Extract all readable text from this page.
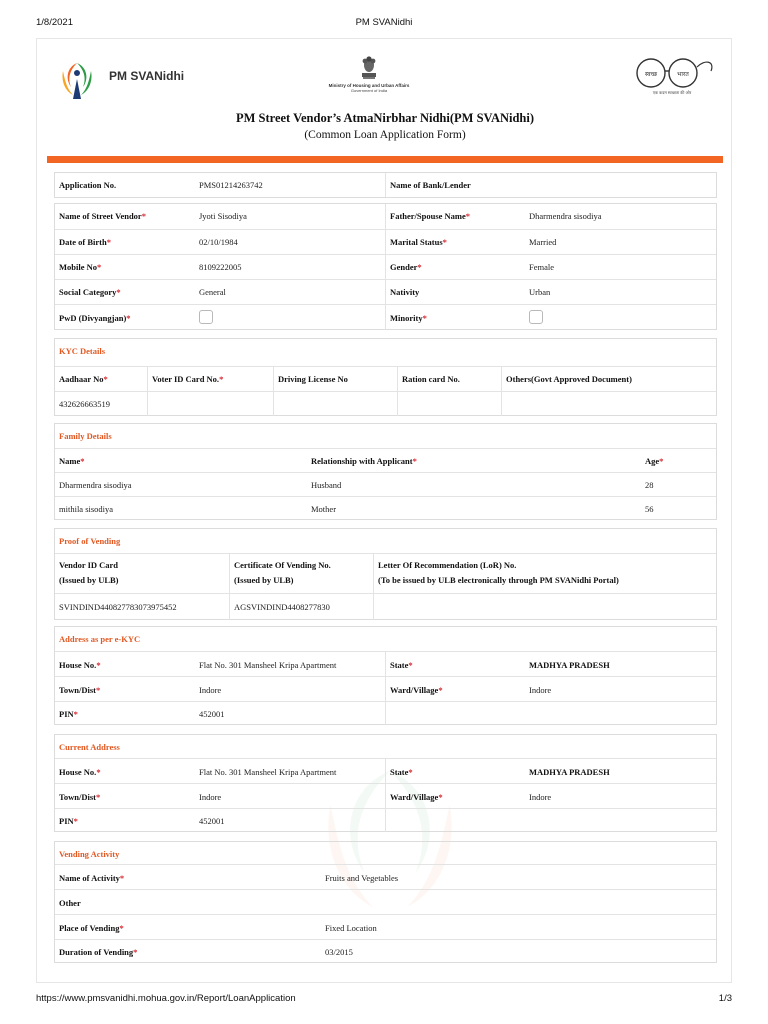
1/8/2021	PM SVANidhi
PM SVANidhi
Ministry of Housing and Urban Affairs
Government of India
स्वच्छ	भारत
एक कदम स्वच्छता की ओर
PM Street Vendor’s AtmaNirbhar Nidhi(PM SVANidhi)
(Common Loan Application Form)
Application No.	PMS01214263742	Name of Bank/Lender
Name of Street Vendor*	Jyoti Sisodiya	Father/Spouse Name*	Dharmendra sisodiya
Date of Birth*	02/10/1984	Marital Status*	Married
Mobile No*	8109222005	Gender*	Female
Social Category*	General	Nativity	Urban
PwD (Divyangjan)*	Minority*
KYC Details
Aadhaar No*	Voter ID Card No.*	Driving License No	Ration card No.	Others(Govt Approved Document)
432626663519
Family Details
Name*	Relationship with Applicant*	Age*
Dharmendra sisodiya	Husband	28
mithila sisodiya	Mother	56
Proof of Vending
Vendor ID Card
(Issued by ULB)
Certificate Of Vending No.
(Issued by ULB)
Letter Of Recommendation (LoR) No.
(To be issued by ULB electronically through PM SVANidhi Portal)
SVINDIND440827783073975452	AGSVINDIND4408277830
Address as per e-KYC
House No.*	Flat No. 301 Mansheel Kripa Apartment	State*	MADHYA PRADESH
Town/Dist*	Indore	Ward/Village*	Indore
PIN*	452001
Current Address
House No.*	Flat No. 301 Mansheel Kripa Apartment	State*	MADHYA PRADESH
Town/Dist*	Indore	Ward/Village*	Indore
PIN*	452001
Vending Activity
Name of Activity*	Fruits and Vegetables
Other
Place of Vending*	Fixed Location
Duration of Vending*	03/2015
https://www.pmsvanidhi.mohua.gov.in/Report/LoanApplication	1/3
